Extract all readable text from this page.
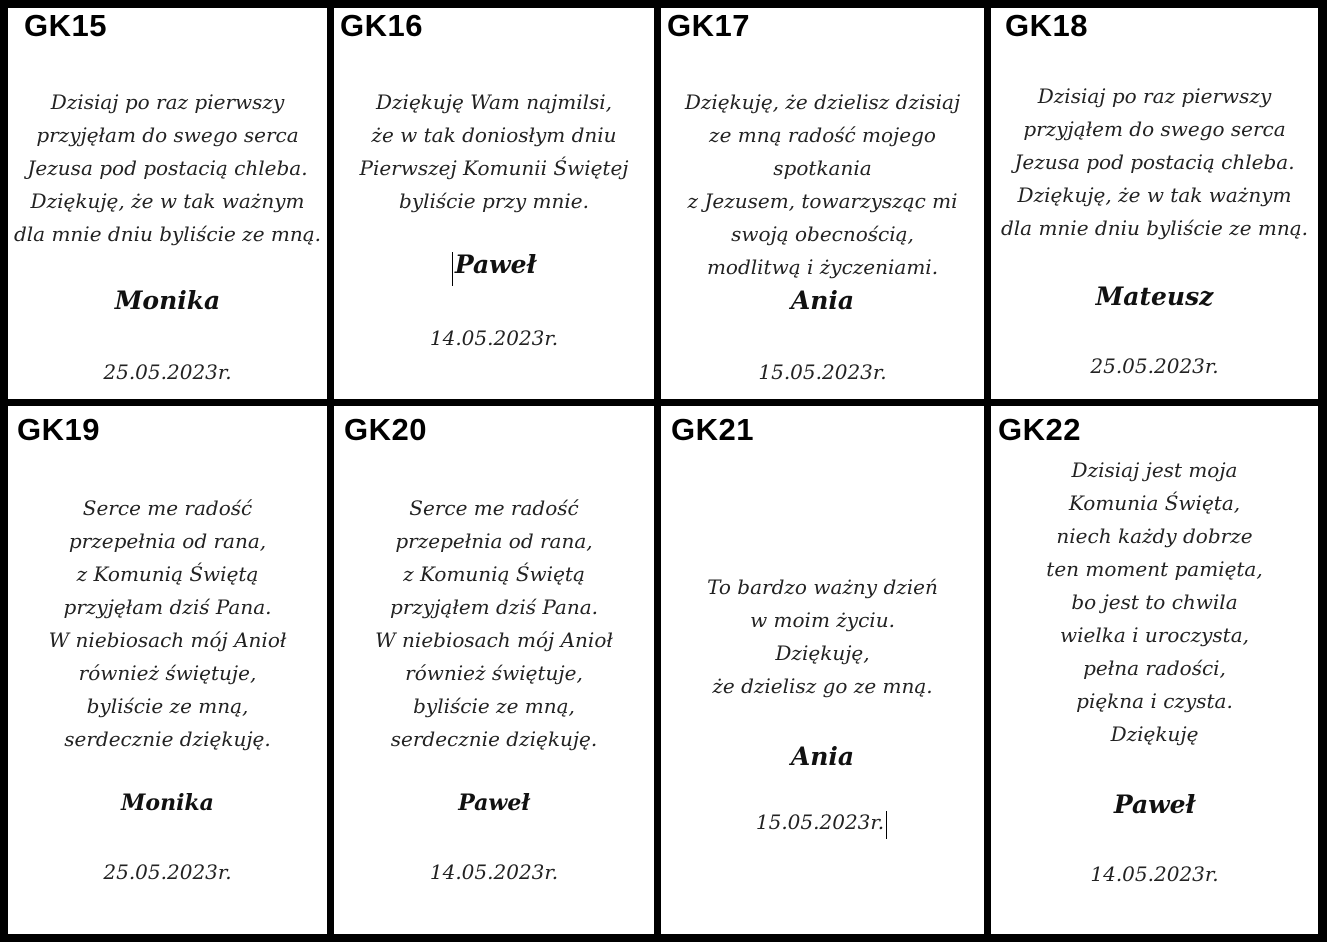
GK15

Dzisiaj po raz pierwszy
przyjęłam do swego serca
Jezusa pod postacią chleba.
Dziękuję, że w tak ważnym
dla mnie dniu byliście ze mną.

Monika

25.05.2023r.

GK16

Dziękuję Wam najmilsi,
że w tak doniosłym dniu
Pierwszej Komunii Świętej
byliście przy mnie.

Paweł

14.05.2023r.

GK17

Dziękuję, że dzielisz dzisiaj
ze mną radość mojego spotkania
z Jezusem, towarzysząc mi
swoją obecnością,
modlitwą i życzeniami.

Ania

15.05.2023r.

GK18

Dzisiaj po raz pierwszy
przyjąłem do swego serca
Jezusa pod postacią chleba.
Dziękuję, że w tak ważnym
dla mnie dniu byliście ze mną.

Mateusz

25.05.2023r.

GK19

Serce me radość
przepełnia od rana,
z Komunią Świętą
przyjęłam dziś Pana.
W niebiosach mój Anioł
również świętuje,
byliście ze mną,
serdecznie dziękuję.

Monika

25.05.2023r.

GK20

Serce me radość
przepełnia od rana,
z Komunią Świętą
przyjąłem dziś Pana.
W niebiosach mój Anioł
również świętuje,
byliście ze mną,
serdecznie dziękuję.

Paweł

14.05.2023r.

GK21

To bardzo ważny dzień
w moim życiu.
Dziękuję,
że dzielisz go ze mną.

Ania

15.05.2023r.
GK22

Dzisiaj jest moja
Komunia Święta,
niech każdy dobrze
ten moment pamięta,
bo jest to chwila
wielka i uroczysta,
pełna radości,
piękna i czysta.
Dziękuję

Paweł

14.05.2023r.
